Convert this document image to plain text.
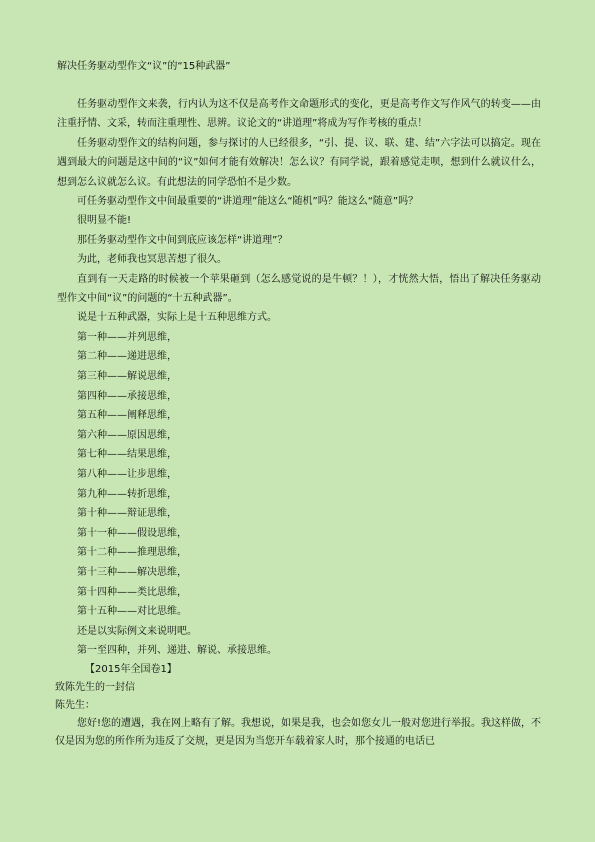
解决任务驱动型作文“议”的“15种武器”

任务驱动型作文来袭，行内认为这不仅是高考作文命题形式的变化，更是高考作文写作风气的转变——由注重抒情、文采，转而注重理性、思辨。议论文的“讲道理”将成为写作考核的重点！

任务驱动型作文的结构问题，参与探讨的人已经很多，“引、提、议、联、建、结”六字法可以搞定。现在遇到最大的问题是这中间的“议”如何才能有效解决！怎么议？有同学说，跟着感觉走呗，想到什么就议什么，想到怎么议就怎么议。有此想法的同学恐怕不是少数。

可任务驱动型作文中间最重要的“讲道理”能这么“随机”吗？能这么“随意”吗？

很明显不能!

那任务驱动型作文中间到底应该怎样“讲道理”？

为此，老师我也冥思苦想了很久。

直到有一天走路的时候被一个苹果砸到（怎么感觉说的是牛顿？！），才恍然大悟，悟出了解决任务驱动型作文中间“议”的问题的“十五种武器”。

说是十五种武器，实际上是十五种思维方式。

第一种——并列思维，
第二种——递进思维，
第三种——解说思维，
第四种——承接思维，
第五种——阐释思维，
第六种——原因思维，
第七种——结果思维，
第八种——让步思维，
第九种——转折思维，
第十种——辩证思维，
第十一种——假设思维，
第十二种——推理思维，
第十三种——解决思维，
第十四种——类比思维，
第十五种——对比思维。

还是以实际例文来说明吧。

第一至四种，并列、递进、解说、承接思维。

【2015年全国卷1】

致陈先生的一封信

陈先生：

您好!您的遭遇，我在网上略有了解。我想说，如果是我，也会如您女儿一般对您进行举报。我这样做，不仅是因为您的所作所为违反了交规，更是因为当您开车载着家人时，那个接通的电话已
